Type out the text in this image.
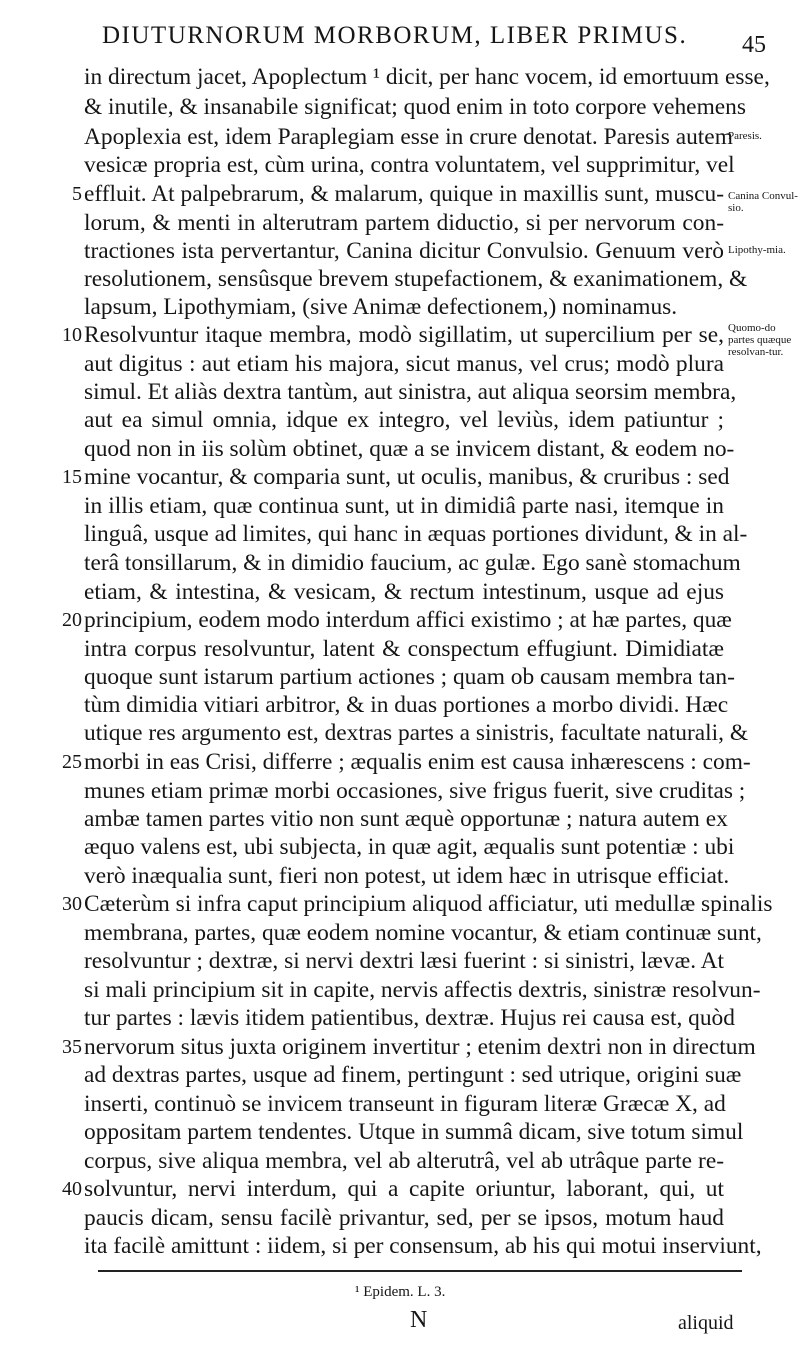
DIUTURNORUM MORBORUM, LIBER PRIMUS.	45
in directum jacet, Apoplectum ¹ dicit, per hanc vocem, id emortuum esse,
& inutile, & insanabile significat; quod enim in toto corpore vehemens
Apoplexia est, idem Paraplegiam esse in crure denotat. Paresis autem
vesicæ propria est, cùm urina, contra voluntatem, vel supprimitur, vel
effluit. At palpebrarum, & malarum, quique in maxillis sunt, muscu-
lorum, & menti in alterutram partem diductio, si per nervorum con-
tractiones ista pervertantur, Canina dicitur Convulsio. Genuum verò
resolutionem, sensûsque brevem stupefactionem, & exanimationem, &
lapsum, Lipothymiam, (sive Animæ defectionem,) nominamus.
Resolvuntur itaque membra, modò sigillatim, ut supercilium per se,
aut digitus : aut etiam his majora, sicut manus, vel crus; modò plura
simul. Et aliàs dextra tantùm, aut sinistra, aut aliqua seorsim membra,
aut ea simul omnia, idque ex integro, vel leviùs, idem patiuntur ;
quod non in iis solùm obtinet, quæ a se invicem distant, & eodem no-
mine vocantur, & comparia sunt, ut oculis, manibus, & cruribus : sed
in illis etiam, quæ continua sunt, ut in dimidiâ parte nasi, itemque in
linguâ, usque ad limites, qui hanc in æquas portiones dividunt, & in al-
terâ tonsillarum, & in dimidio faucium, ac gulæ. Ego sanè stomachum
etiam, & intestina, & vesicam, & rectum intestinum, usque ad ejus
principium, eodem modo interdum affici existimo ; at hæ partes, quæ
intra corpus resolvuntur, latent & conspectum effugiunt. Dimidiatæ
quoque sunt istarum partium actiones ; quam ob causam membra tan-
tùm dimidia vitiari arbitror, & in duas portiones a morbo dividi. Hæc
utique res argumento est, dextras partes a sinistris, facultate naturali, &
morbi in eas Crisi, differre ; æqualis enim est causa inhærescens : com-
munes etiam primæ morbi occasiones, sive frigus fuerit, sive cruditas ;
ambæ tamen partes vitio non sunt æquè opportunæ ; natura autem ex
æquo valens est, ubi subjecta, in quæ agit, æqualis sunt potentiæ : ubi
verò inæqualia sunt, fieri non potest, ut idem hæc in utrisque efficiat.
Cæterùm si infra caput principium aliquod afficiatur, uti medullæ spinalis
membrana, partes, quæ eodem nomine vocantur, & etiam continuæ sunt,
resolvuntur ; dextræ, si nervi dextri læsi fuerint : si sinistri, lævæ. At
si mali principium sit in capite, nervis affectis dextris, sinistræ resolvun-
tur partes : lævis itidem patientibus, dextræ. Hujus rei causa est, quòd
nervorum situs juxta originem invertitur ; etenim dextri non in directum
ad dextras partes, usque ad finem, pertingunt : sed utrique, origini suæ
inserti, continuò se invicem transeunt in figuram literæ Græcæ X, ad
oppositam partem tendentes. Utque in summâ dicam, sive totum simul
corpus, sive aliqua membra, vel ab alterutrâ, vel ab utrâque parte re-
solvuntur, nervi interdum, qui a capite oriuntur, laborant, qui, ut
paucis dicam, sensu facilè privantur, sed, per se ipsos, motum haud
ita facilè amittunt : iidem, si per consensum, ab his qui motui inserviunt,
5
10
15
20
25
30
35
40
Paresis.
Canina Convul-sio.
Lipothy-mia.
Quomo-do partes quæque resolvan-tur.
¹ Epidem. L. 3.
N	aliquid
